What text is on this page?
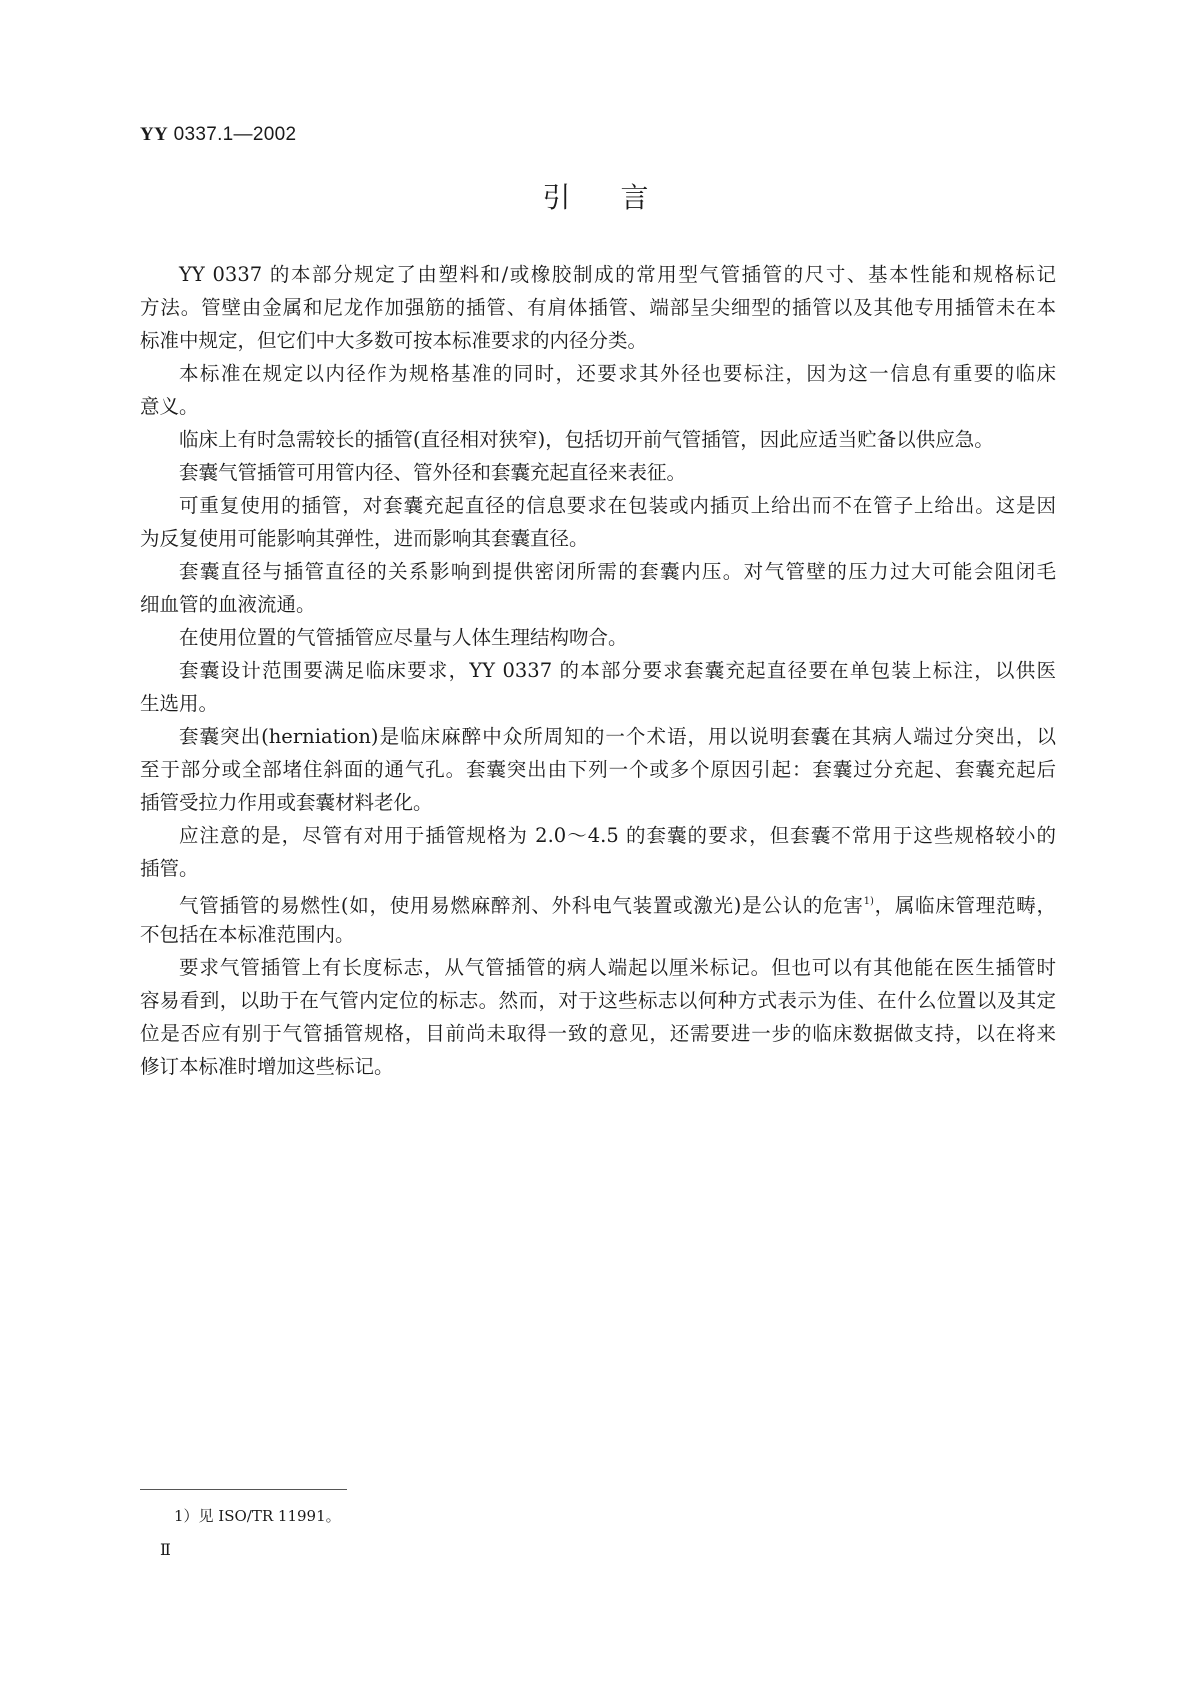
YY 0337.1—2002
引言
YY 0337 的本部分规定了由塑料和/或橡胶制成的常用型气管插管的尺寸、基本性能和规格标记
方法。管壁由金属和尼龙作加强筋的插管、有肩体插管、端部呈尖细型的插管以及其他专用插管未在本
标准中规定，但它们中大多数可按本标准要求的内径分类。
本标准在规定以内径作为规格基准的同时，还要求其外径也要标注，因为这一信息有重要的临床
意义。
临床上有时急需较长的插管(直径相对狭窄)，包括切开前气管插管，因此应适当贮备以供应急。
套囊气管插管可用管内径、管外径和套囊充起直径来表征。
可重复使用的插管，对套囊充起直径的信息要求在包装或内插页上给出而不在管子上给出。这是因
为反复使用可能影响其弹性，进而影响其套囊直径。
套囊直径与插管直径的关系影响到提供密闭所需的套囊内压。对气管壁的压力过大可能会阻闭毛
细血管的血液流通。
在使用位置的气管插管应尽量与人体生理结构吻合。
套囊设计范围要满足临床要求，YY 0337 的本部分要求套囊充起直径要在单包装上标注，以供医
生选用。
套囊突出(herniation)是临床麻醉中众所周知的一个术语，用以说明套囊在其病人端过分突出，以
至于部分或全部堵住斜面的通气孔。套囊突出由下列一个或多个原因引起：套囊过分充起、套囊充起后
插管受拉力作用或套囊材料老化。
应注意的是，尽管有对用于插管规格为 2.0～4.5 的套囊的要求，但套囊不常用于这些规格较小的
插管。
气管插管的易燃性(如，使用易燃麻醉剂、外科电气装置或激光)是公认的危害$^{1)}$，属临床管理范畴，
不包括在本标准范围内。
要求气管插管上有长度标志，从气管插管的病人端起以厘米标记。但也可以有其他能在医生插管时
容易看到，以助于在气管内定位的标志。然而，对于这些标志以何种方式表示为佳、在什么位置以及其定
位是否应有别于气管插管规格，目前尚未取得一致的意见，还需要进一步的临床数据做支持，以在将来
修订本标准时增加这些标记。
1）见 ISO/TR 11991。
Ⅱ
